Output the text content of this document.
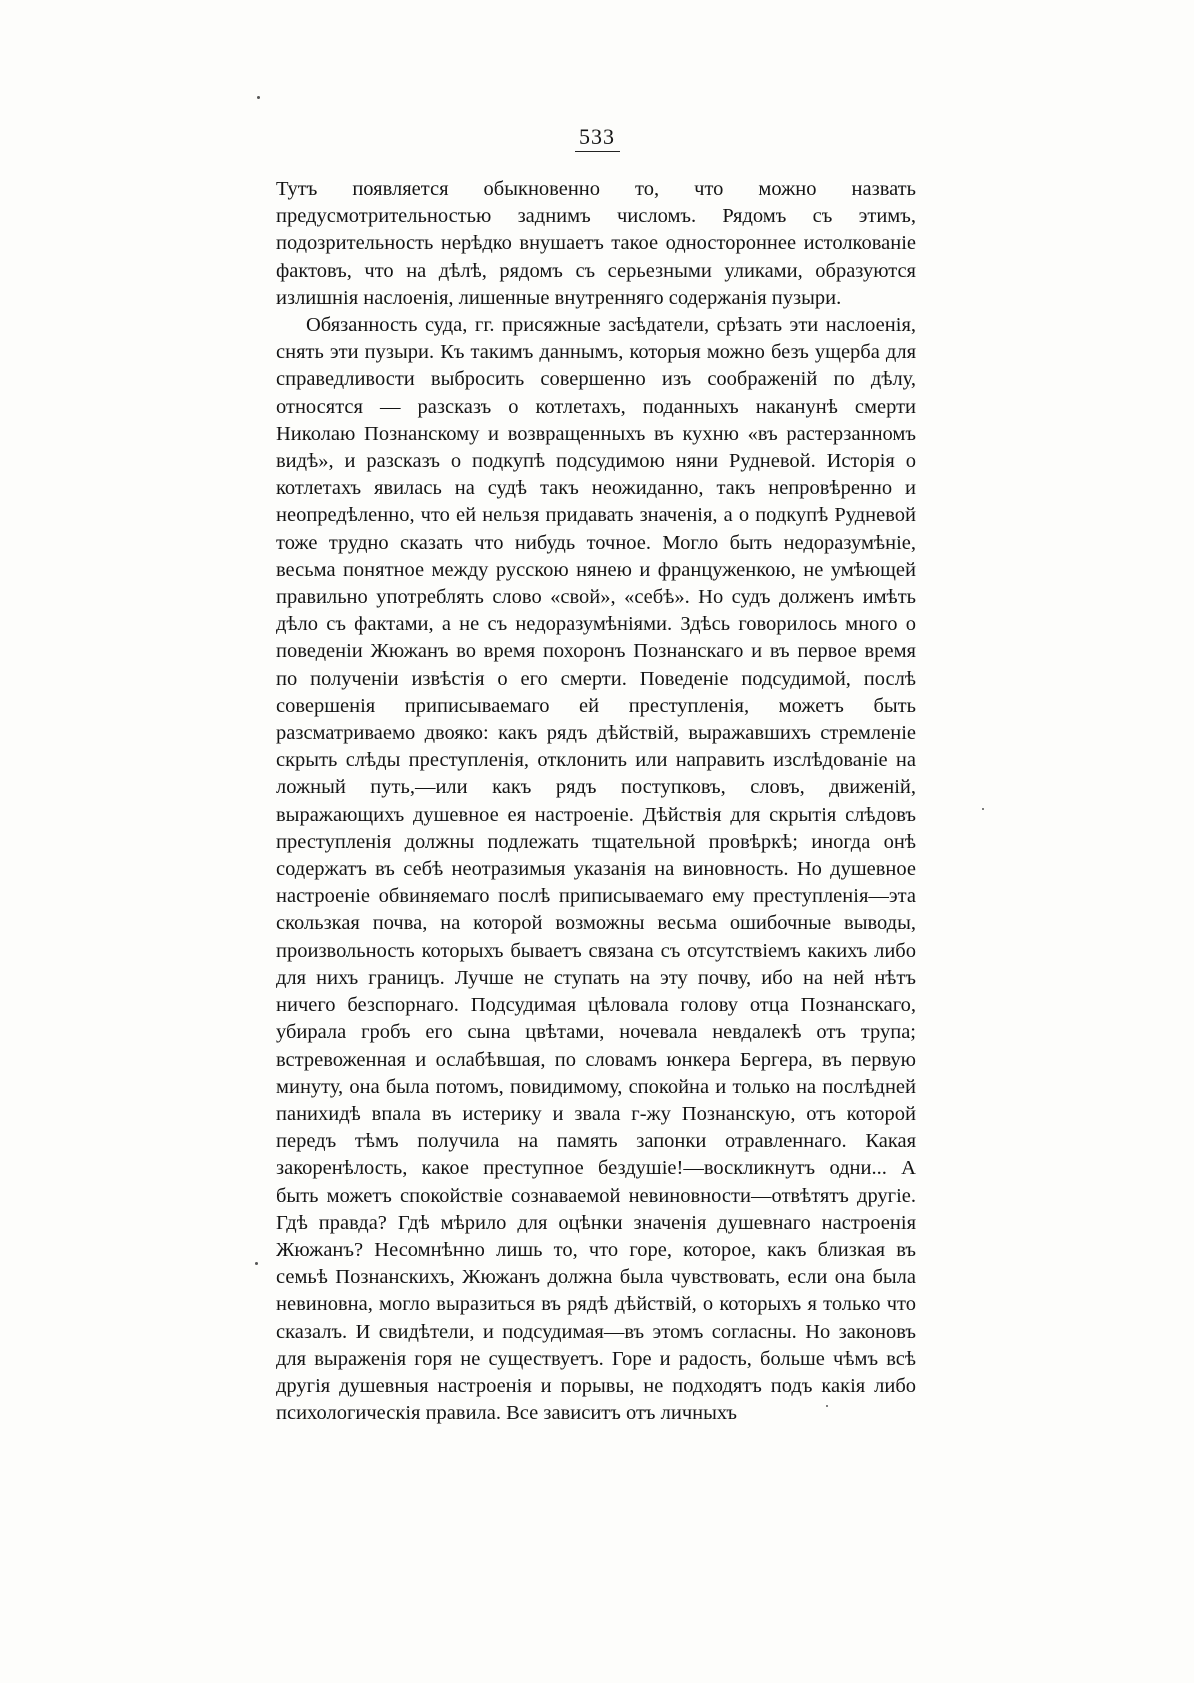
533

Тутъ появляется обыкновенно то, что можно назвать предусмотрительностью заднимъ числомъ. Рядомъ съ этимъ, подозрительность нерѣдко внушаетъ такое одностороннее истолкованіе фактовъ, что на дѣлѣ, рядомъ съ серьезными уликами, образуются излишнія наслоенія, лишенные внутренняго содержанія пузыри.

Обязанность суда, гг. присяжные засѣдатели, срѣзать эти наслоенія, снять эти пузыри. Къ такимъ даннымъ, которыя можно безъ ущерба для справедливости выбросить совершенно изъ соображеній по дѣлу, относятся — разсказъ о котлетахъ, поданныхъ наканунѣ смерти Николаю Познанскому и возвращенныхъ въ кухню «въ растерзанномъ видѣ», и разсказъ о подкупѣ подсудимою няни Рудневой. Исторія о котлетахъ явилась на судѣ такъ неожиданно, такъ непровѣренно и неопредѣленно, что ей нельзя придавать значенія, а о подкупѣ Рудневой тоже трудно сказать что нибудь точное. Могло быть недоразумѣніе, весьма понятное между русскою нянею и француженкою, не умѣющей правильно употреблять слово «свой», «себѣ». Но судъ долженъ имѣть дѣло съ фактами, а не съ недоразумѣніями. Здѣсь говорилось много о поведеніи Жюжанъ во время похоронъ Познанскаго и въ первое время по полученіи извѣстія о его смерти. Поведеніе подсудимой, послѣ совершенія приписываемаго ей преступленія, можетъ быть разсматриваемо двояко: какъ рядъ дѣйствій, выражавшихъ стремленіе скрыть слѣды преступленія, отклонить или направить изслѣдованіе на ложный путь,—или какъ рядъ поступковъ, словъ, движеній, выражающихъ душевное ея настроеніе. Дѣйствія для скрытія слѣдовъ преступленія должны подлежать тщательной провѣркѣ; иногда онѣ содержатъ въ себѣ неотразимыя указанія на виновность. Но душевное настроеніе обвиняемаго послѣ приписываемаго ему преступленія—эта скользкая почва, на которой возможны весьма ошибочные выводы, произвольность которыхъ бываетъ связана съ отсутствіемъ какихъ либо для нихъ границъ. Лучше не ступать на эту почву, ибо на ней нѣтъ ничего безспорнаго. Подсудимая цѣловала голову отца Познанскаго, убирала гробъ его сына цвѣтами, ночевала невдалекѣ отъ трупа; встревоженная и ослабѣвшая, по словамъ юнкера Бергера, въ первую минуту, она была потомъ, повидимому, спокойна и только на послѣдней панихидѣ впала въ истерику и звала г-жу Познанскую, отъ которой передъ тѣмъ получила на память запонки отравленнаго. Какая закоренѣлость, какое преступное бездушіе!—воскликнутъ одни... А быть можетъ спокойствіе сознаваемой невиновности—отвѣтятъ другіе. Гдѣ правда? Гдѣ мѣрило для оцѣнки значенія душевнаго настроенія Жюжанъ? Несомнѣнно лишь то, что горе, которое, какъ близкая въ семьѣ Познанскихъ, Жюжанъ должна была чувствовать, если она была невиновна, могло выразиться въ рядѣ дѣйствій, о которыхъ я только что сказалъ. И свидѣтели, и подсудимая—въ этомъ согласны. Но законовъ для выраженія горя не существуетъ. Горе и радость, больше чѣмъ всѣ другія душевныя настроенія и порывы, не подходятъ подъ какія либо психологическія правила. Все зависитъ отъ личныхъ
